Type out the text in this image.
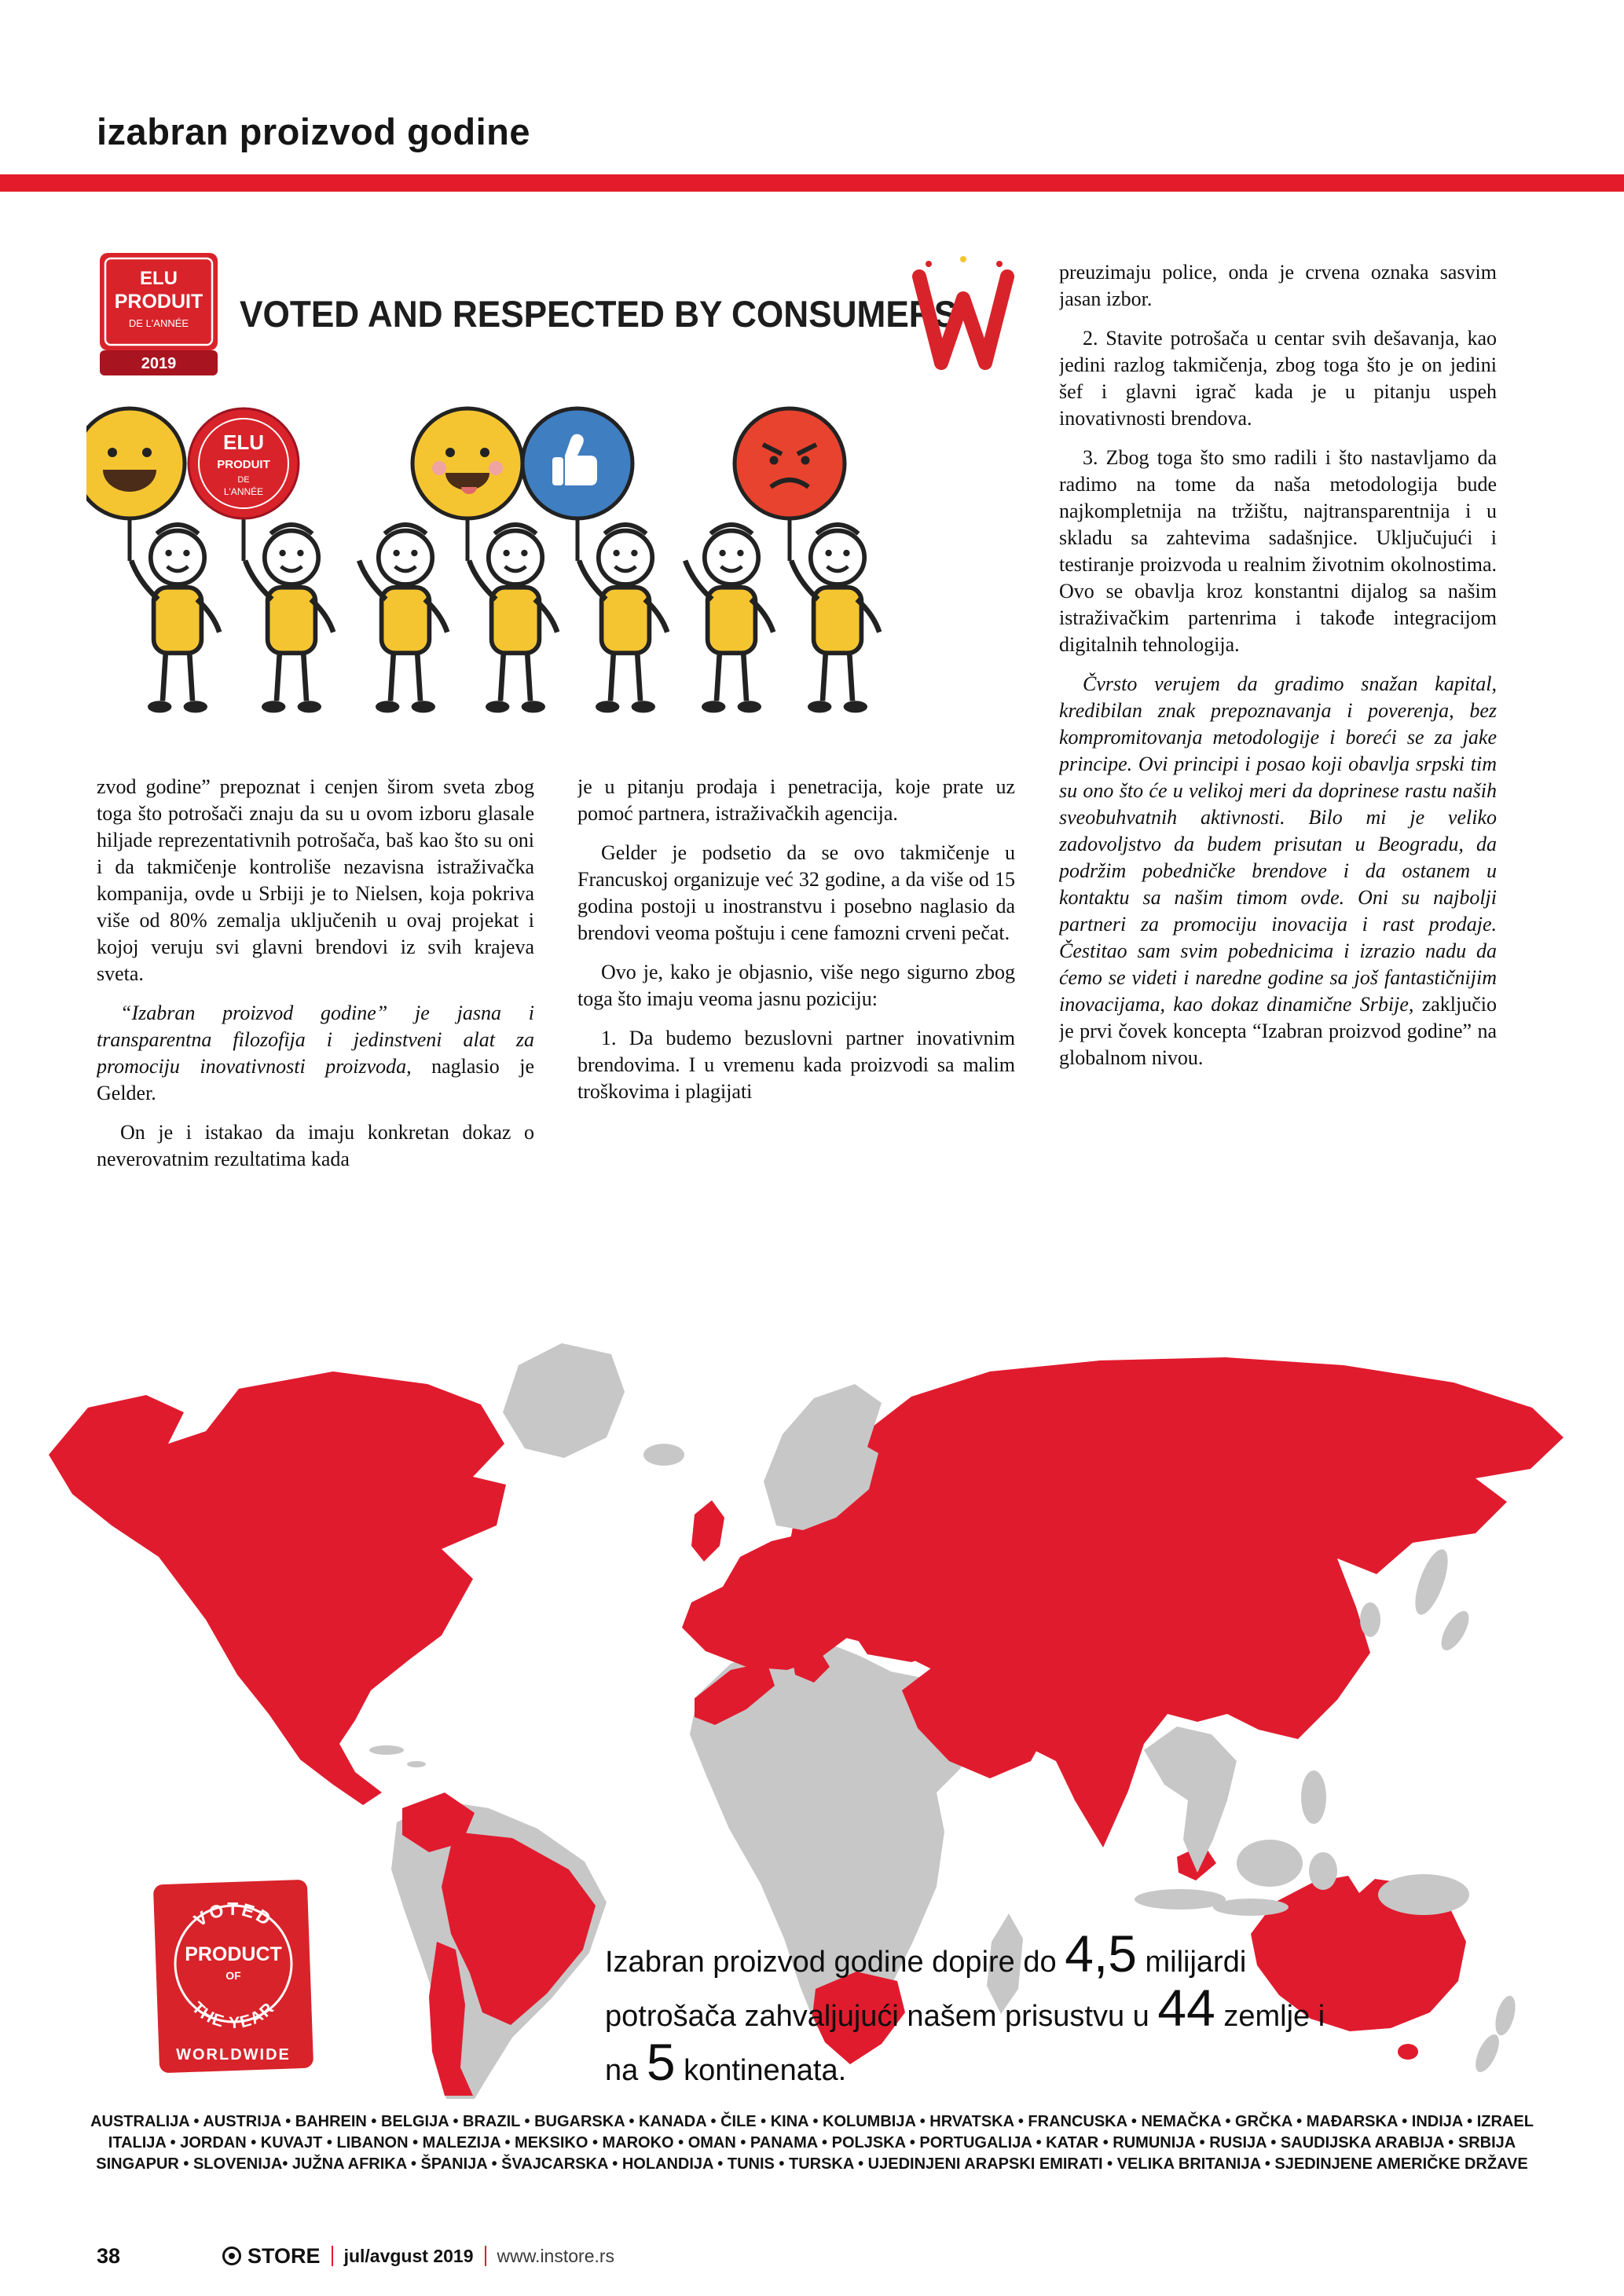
izabran proizvod godine
ELU
PRODUIT
DE L'ANNÉE
2019
VOTED AND RESPECTED BY CONSUMERS
ELU
PRODUIT
DE
L'ANNÉE

zvod godine” prepoznat i cenjen širom sveta zbog toga što potrošači znaju da su u ovom izboru glasale hiljade reprezentativnih potrošača, baš kao što su oni i da takmičenje kontroliše nezavisna istraživačka kompanija, ovde u Srbiji je to Nielsen, koja pokriva više od 80% zemalja uključenih u ovaj projekat i kojoj veruju svi glavni brendovi iz svih krajeva sveta.

“Izabran proizvod godine” je jasna i transparentna filozofija i jedinstveni alat za promociju inovativnosti proizvoda, naglasio je Gelder.

On je i istakao da imaju konkretan dokaz o neverovatnim rezultatima kada

je u pitanju prodaja i penetracija, koje prate uz pomoć partnera, istraživačkih agencija.

Gelder je podsetio da se ovo takmičenje u Francuskoj organizuje već 32 godine, a da više od 15 godina postoji u inostranstvu i posebno naglasio da brendovi veoma poštuju i cene famozni crveni pečat.

Ovo je, kako je objasnio, više nego sigurno zbog toga što imaju veoma jasnu poziciju:

1. Da budemo bezuslovni partner inovativnim brendovima. I u vremenu kada proizvodi sa malim troškovima i plagijati

preuzimaju police, onda je crvena oznaka sasvim jasan izbor.

2. Stavite potrošača u centar svih dešavanja, kao jedini razlog takmičenja, zbog toga što je on jedini šef i glavni igrač kada je u pitanju uspeh inovativnosti brendova.

3. Zbog toga što smo radili i što nastavljamo da radimo na tome da naša metodologija bude najkompletnija na tržištu, najtransparentnija i u skladu sa zahtevima sadašnjice. Uključujući i testiranje proizvoda u realnim životnim okolnostima. Ovo se obavlja kroz konstantni dijalog sa našim istraživačkim partenrima i takođe integracijom digitalnih tehnologija.

Čvrsto verujem da gradimo snažan kapital, kredibilan znak prepoznavanja i poverenja, bez kompromitovanja metodologije i boreći se za jake principe. Ovi principi i posao koji obavlja srpski tim su ono što će u velikoj meri da doprinese rastu naših sveobuhvatnih aktivnosti. Bilo mi je veliko zadovoljstvo da budem prisutan u Beogradu, da podržim pobedničke brendove i da ostanem u kontaktu sa našim timom ovde. Oni su najbolji partneri za promociju inovacija i rast prodaje. Čestitao sam svim pobednicima i izrazio nadu da ćemo se videti i naredne godine sa još fantastičnijim inovacijama, kao dokaz dinamične Srbije, zaključio je prvi čovek koncepta “Izabran proizvod godine” na globalnom nivou.

VOTED
PRODUCT
OF
THE YEAR
WORLDWIDE
Izabran proizvod godine dopire do 4,5 milijardi potrošača zahvaljujući našem prisustvu u 44 zemlje i na 5 kontinenata.
AUSTRALIJA • AUSTRIJA • BAHREIN • BELGIJA • BRAZIL • BUGARSKA • KANADA • ČILE • KINA • KOLUMBIJA • HRVATSKA • FRANCUSKA • NEMAČKA • GRČKA • MAĐARSKA • INDIJA • IZRAEL
ITALIJA • JORDAN • KUVAJT • LIBANON • MALEZIJA • MEKSIKO • MAROKO • OMAN • PANAMA • POLJSKA • PORTUGALIJA • KATAR • RUMUNIJA • RUSIJA • SAUDIJSKA ARABIJA • SRBIJA
SINGAPUR • SLOVENIJA• JUŽNA AFRIKA • ŠPANIJA • ŠVAJCARSKA • HOLANDIJA • TUNIS • TURSKA • UJEDINJENI ARAPSKI EMIRATI • VELIKA BRITANIJA • SJEDINJENE AMERIČKE DRŽAVE
38	STORE jul/avgust 2019 www.instore.rs
